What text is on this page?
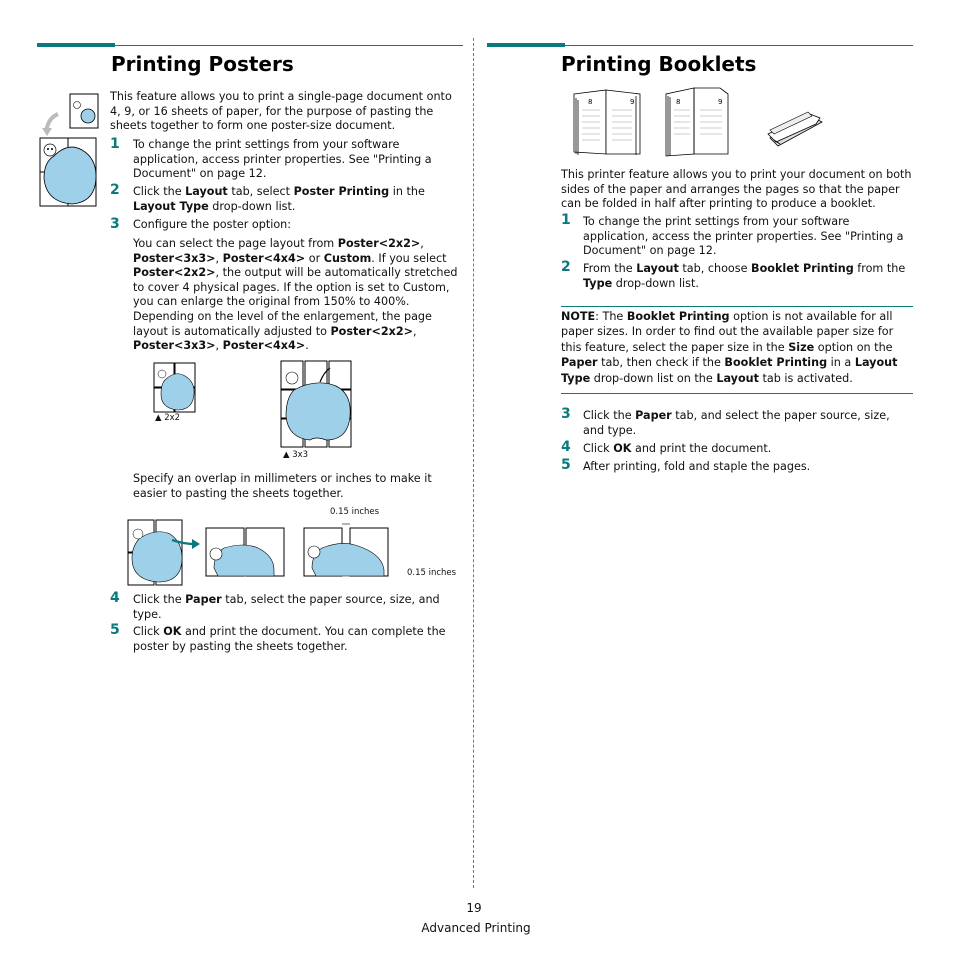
Printing Posters

This feature allows you to print a single-page document onto 4, 9, or 16 sheets of paper, for the purpose of pasting the sheets together to form one poster-size document.

1 To change the print settings from your software application, access printer properties. See "Printing a Document" on page 12.

2 Click the Layout tab, select Poster Printing in the Layout Type drop-down list.

3 Configure the poster option:

You can select the page layout from Poster<2x2>, Poster<3x3>, Poster<4x4> or Custom. If you select Poster<2x2>, the output will be automatically stretched to cover 4 physical pages. If the option is set to Custom, you can enlarge the original from 150% to 400%. Depending on the level of the enlargement, the page layout is automatically adjusted to Poster<2x2>, Poster<3x3>, Poster<4x4>.

▲ 2x2
▲ 3x3

Specify an overlap in millimeters or inches to make it easier to pasting the sheets together.

0.15 inches
0.15 inches
4 Click the Paper tab, select the paper source, size, and type.

5 Click OK and print the document. You can complete the poster by pasting the sheets together.

Printing Booklets
8	9	8	9

This printer feature allows you to print your document on both sides of the paper and arranges the pages so that the paper can be folded in half after printing to produce a booklet.

1 To change the print settings from your software application, access the printer properties. See "Printing a Document" on page 12.

2 From the Layout tab, choose Booklet Printing from the Type drop-down list.

NOTE: The Booklet Printing option is not available for all paper sizes. In order to find out the available paper size for this feature, select the paper size in the Size option on the Paper tab, then check if the Booklet Printing in a Layout Type drop-down list on the Layout tab is activated.

3 Click the Paper tab, and select the paper source, size, and type.

4 Click OK and print the document.

5 After printing, fold and staple the pages.

19
Advanced Printing
